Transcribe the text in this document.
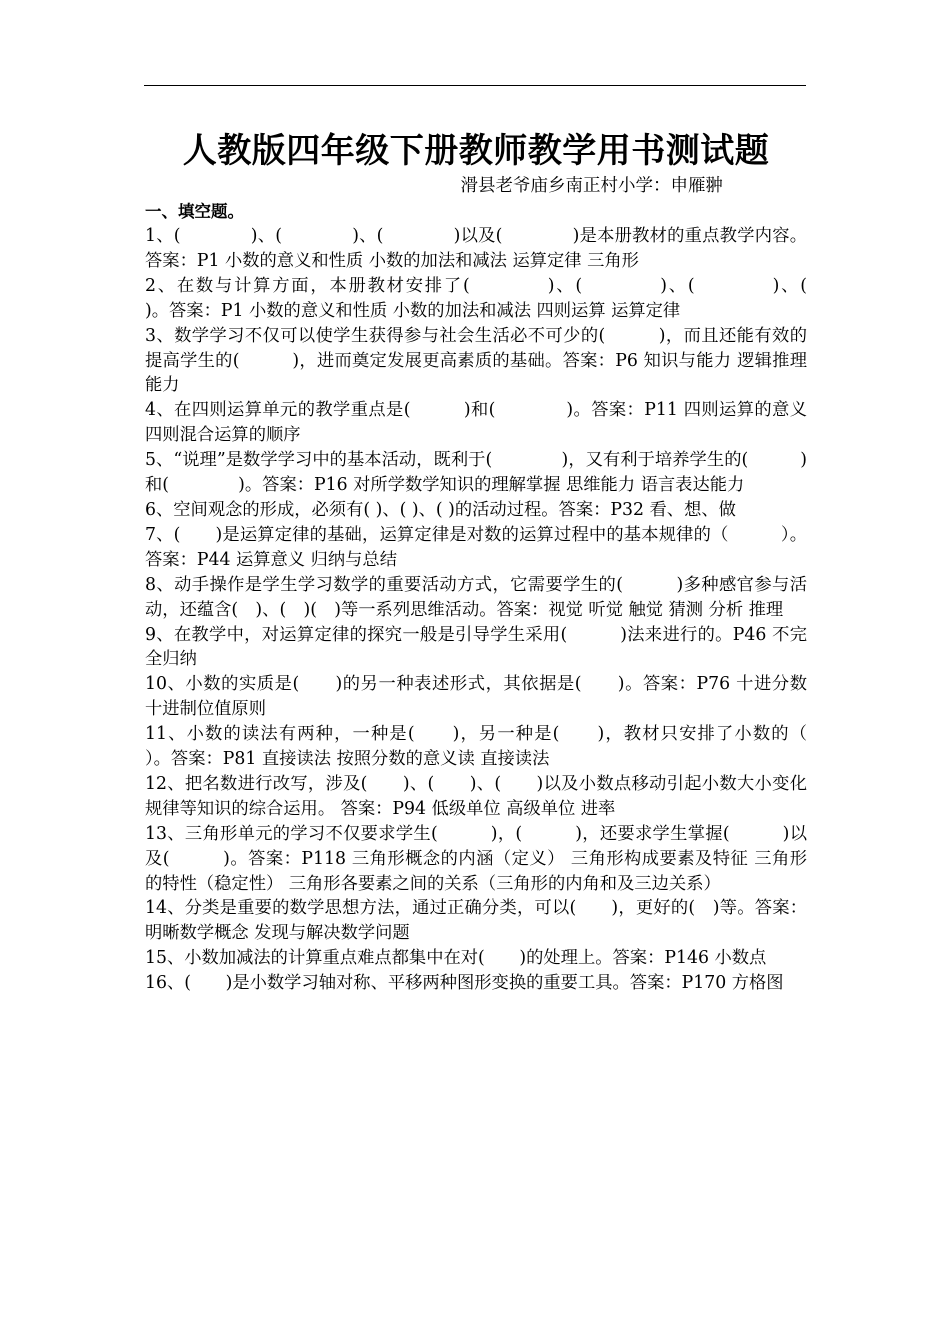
人教版四年级下册教师教学用书测试题

滑县老爷庙乡南正村小学：申雁翀

一、填空题。

1、(　　　　)、(　　　　)、(　　　　)以及(　　　　)是本册教材的重点教学内容。答案：P1 小数的意义和性质 小数的加法和减法 运算定律 三角形

2、在数与计算方面，本册教材安排了(　　　　)、(　　　　)、(　　　　)、(　　　　)。答案：P1 小数的意义和性质 小数的加法和减法 四则运算 运算定律

3、数学学习不仅可以使学生获得参与社会生活必不可少的(　　　)，而且还能有效的提高学生的(　　　)，进而奠定发展更高素质的基础。答案：P6 知识与能力 逻辑推理能力

4、在四则运算单元的教学重点是(　　　)和(　　　　)。答案：P11 四则运算的意义 四则混合运算的顺序

5、“说理”是数学学习中的基本活动，既利于(　　　　)，又有利于培养学生的(　　　)和(　　　　)。答案：P16 对所学数学知识的理解掌握 思维能力 语言表达能力

6、空间观念的形成，必须有( )、( )、( )的活动过程。答案：P32 看、想、做

7、(　　)是运算定律的基础，运算定律是对数的运算过程中的基本规律的（　　　）。答案：P44 运算意义 归纳与总结

8、动手操作是学生学习数学的重要活动方式，它需要学生的(　　　)多种感官参与活动，还蕴含(　)、(　)(　)等一系列思维活动。答案：视觉 听觉 触觉 猜测 分析 推理

9、在教学中，对运算定律的探究一般是引导学生采用(　　　)法来进行的。P46 不完全归纳

10、小数的实质是(　　)的另一种表述形式，其依据是(　　)。答案：P76 十进分数 十进制位值原则

11、小数的读法有两种，一种是(　　)，另一种是(　　)，教材只安排了小数的（　　）。答案：P81 直接读法 按照分数的意义读 直接读法

12、把名数进行改写，涉及(　　)、(　　)、(　　)以及小数点移动引起小数大小变化规律等知识的综合运用。 答案：P94 低级单位 高级单位 进率

13、三角形单元的学习不仅要求学生(　　　)，(　　　)，还要求学生掌握(　　　)以及(　　　)。答案：P118 三角形概念的内涵（定义） 三角形构成要素及特征 三角形的特性（稳定性） 三角形各要素之间的关系（三角形的内角和及三边关系）

14、分类是重要的数学思想方法，通过正确分类，可以(　　)，更好的(　)等。答案：明晰数学概念 发现与解决数学问题

15、小数加减法的计算重点难点都集中在对(　　)的处理上。答案：P146 小数点

16、(　　)是小数学习轴对称、平移两种图形变换的重要工具。答案：P170 方格图
